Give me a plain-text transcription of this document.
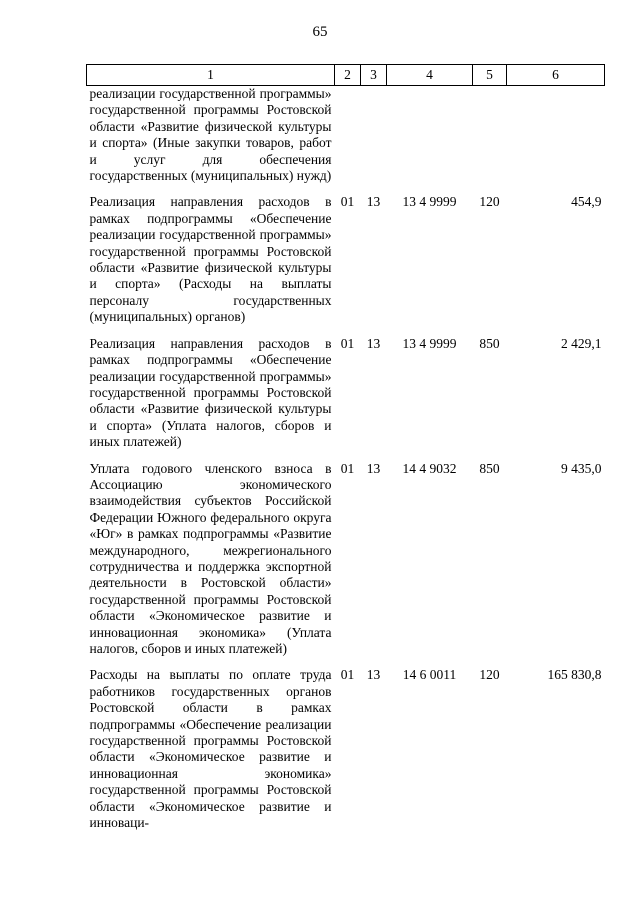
65
1	2	3	4	5	6
реализации государственной программы» государственной программы Ростовской области «Развитие физической культуры и спорта» (Иные закупки товаров, работ и услуг для обеспечения государственных (муниципальных) нужд)					
Реализация направления расходов в рамках подпрограммы «Обеспечение реализации государственной программы» государственной программы Ростовской области «Развитие физической культуры и спорта» (Расходы на выплаты персоналу государственных (муниципальных) органов)	01	13	13 4 9999	120	454,9
Реализация направления расходов в рамках подпрограммы «Обеспечение реализации государственной программы» государственной программы Ростовской области «Развитие физической культуры и спорта» (Уплата налогов, сборов и иных платежей)	01	13	13 4 9999	850	2 429,1
Уплата годового членского взноса в Ассоциацию экономического взаимодействия субъектов Российской Федерации Южного федерального округа «Юг» в рамках подпрограммы «Развитие международного, межрегионального сотрудничества и поддержка экспортной деятельности в Ростовской области» государственной программы Ростовской области «Экономическое развитие и инновационная экономика» (Уплата налогов, сборов и иных платежей)	01	13	14 4 9032	850	9 435,0
Расходы на выплаты по оплате труда работников государственных органов Ростовской области в рамках подпрограммы «Обеспечение реализации государственной программы Ростовской области «Экономическое развитие и инновационная экономика» государственной программы Ростовской области «Экономическое развитие и инноваци-	01	13	14 6 0011	120	165 830,8
